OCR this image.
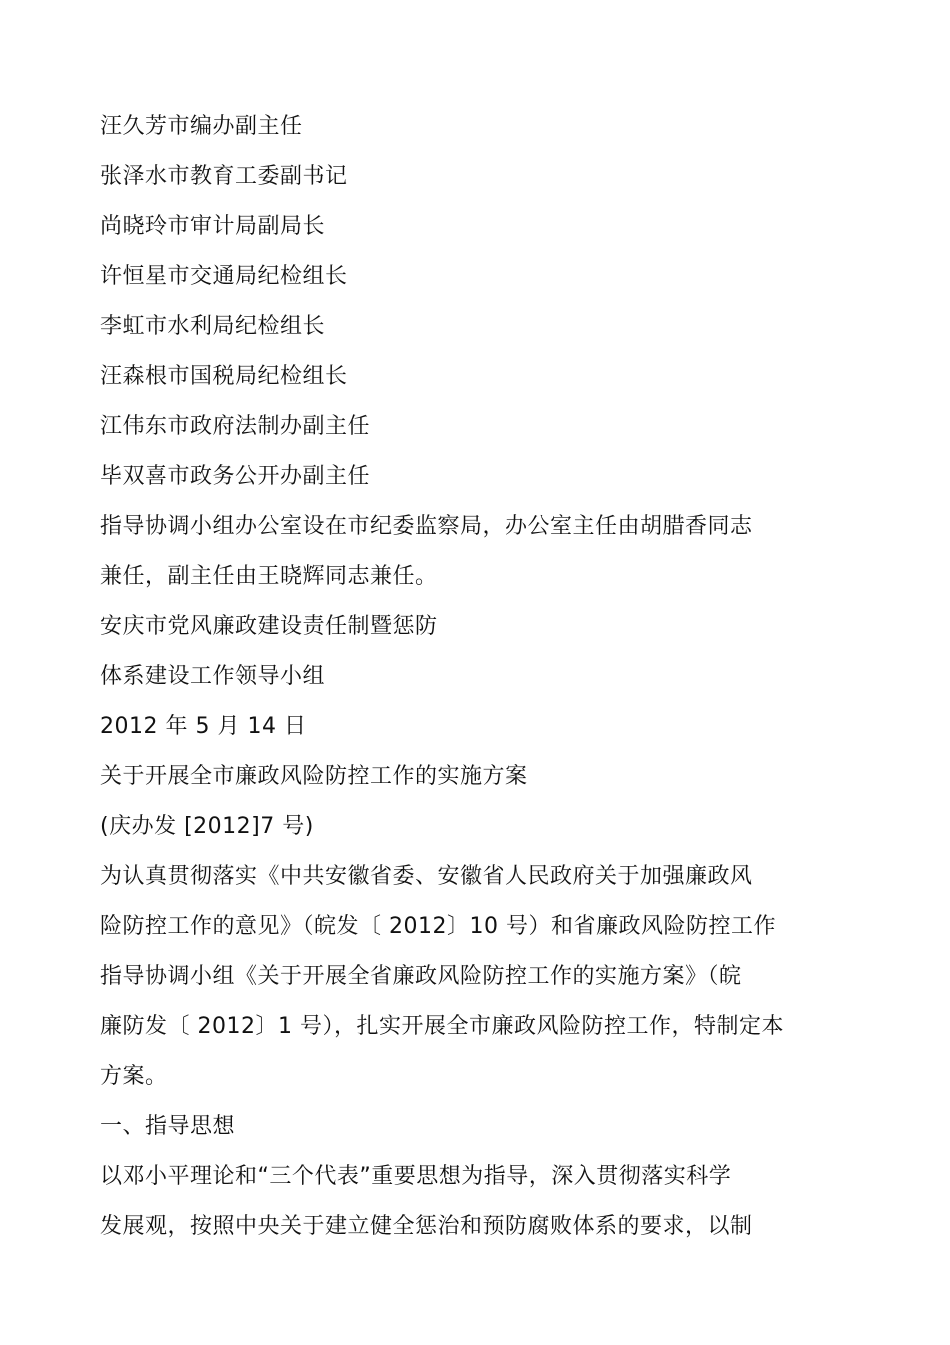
汪久芳市编办副主任
张泽水市教育工委副书记
尚晓玲市审计局副局长
许恒星市交通局纪检组长
李虹市水利局纪检组长
汪森根市国税局纪检组长
江伟东市政府法制办副主任
毕双喜市政务公开办副主任
指导协调小组办公室设在市纪委监察局，办公室主任由胡腊香同志
兼任，副主任由王晓辉同志兼任。
安庆市党风廉政建设责任制暨惩防
体系建设工作领导小组
2012 年 5 月 14 日
关于开展全市廉政风险防控工作的实施方案
(庆办发 [2012]7 号)
为认真贯彻落实《中共安徽省委、安徽省人民政府关于加强廉政风
险防控工作的意见》（皖发〔 2012〕10 号）和省廉政风险防控工作
指导协调小组《关于开展全省廉政风险防控工作的实施方案》（皖
廉防发〔 2012〕1 号），扎实开展全市廉政风险防控工作，特制定本
方案。
一、指导思想
以邓小平理论和“三个代表”重要思想为指导，深入贯彻落实科学
发展观，按照中央关于建立健全惩治和预防腐败体系的要求，以制
